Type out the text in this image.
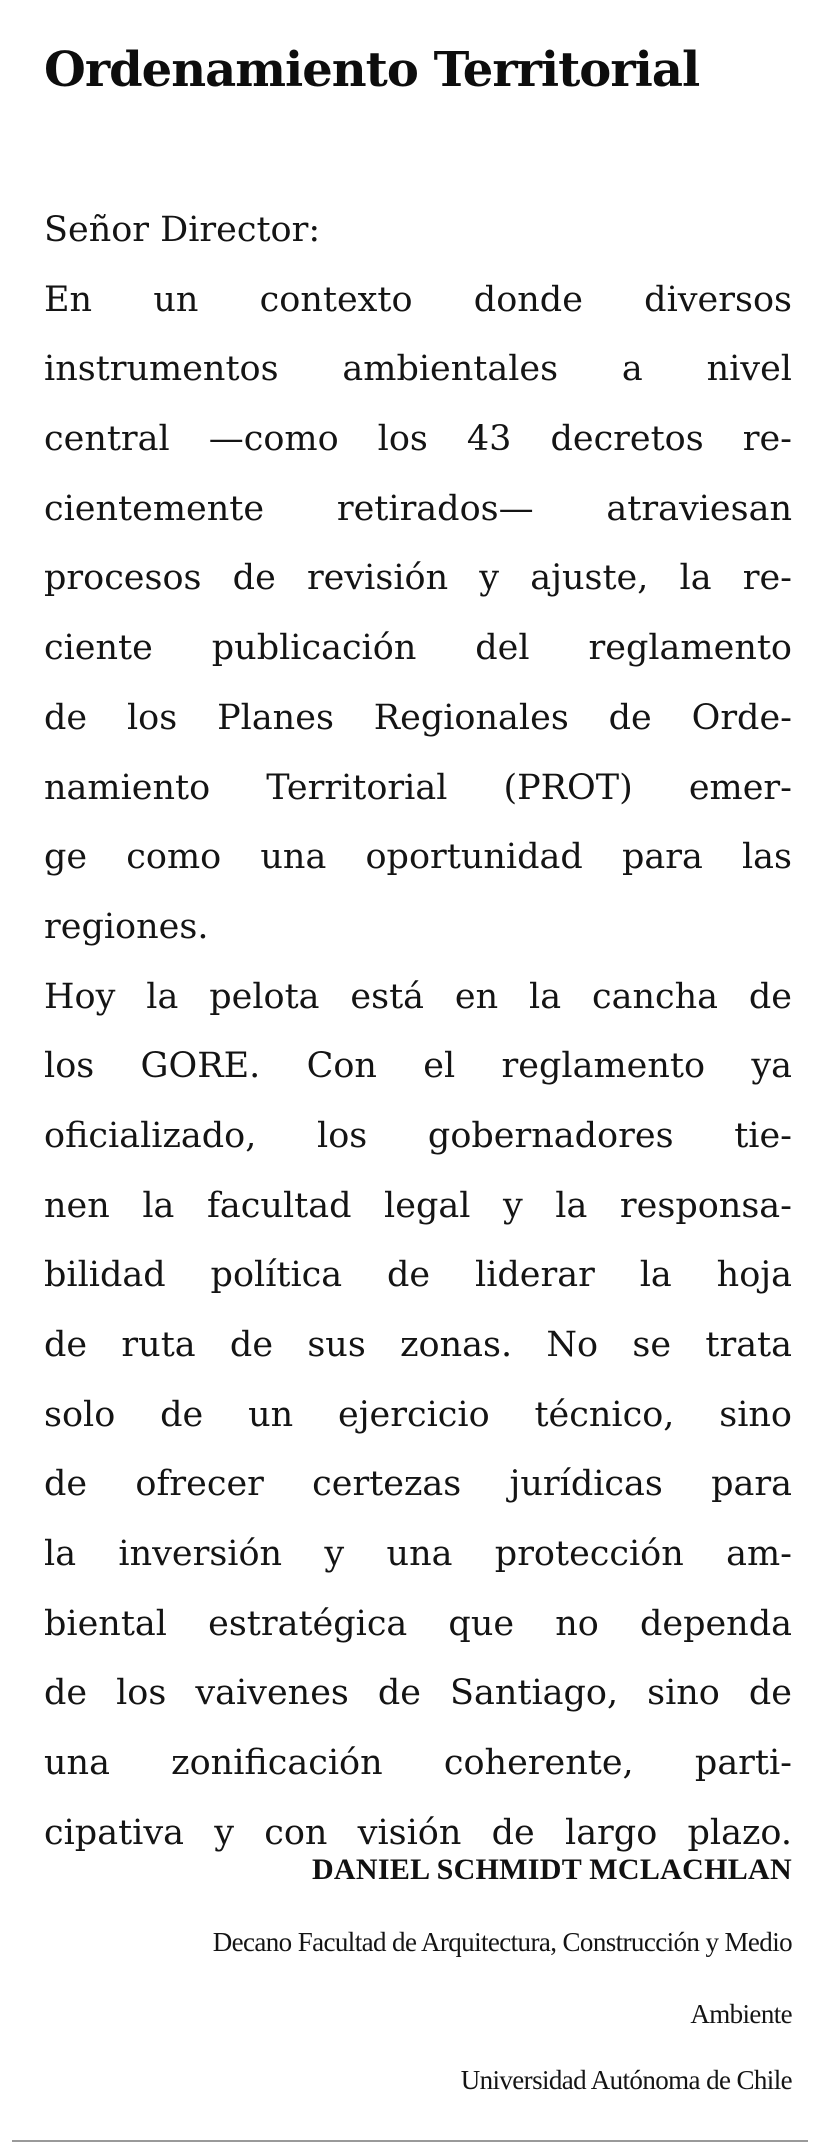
Ordenamiento Territorial
Señor Director:
En un contexto donde diversos
instrumentos ambientales a nivel
central —como los 43 decretos re-
cientemente retirados— atraviesan
procesos de revisión y ajuste, la re-
ciente publicación del reglamento
de los Planes Regionales de Orde-
namiento Territorial (PROT) emer-
ge como una oportunidad para las
regiones.
Hoy la pelota está en la cancha de
los GORE. Con el reglamento ya
oficializado, los gobernadores tie-
nen la facultad legal y la responsa-
bilidad política de liderar la hoja
de ruta de sus zonas. No se trata
solo de un ejercicio técnico, sino
de ofrecer certezas jurídicas para
la inversión y una protección am-
biental estratégica que no dependa
de los vaivenes de Santiago, sino de
una zonificación coherente, parti-
cipativa y con visión de largo plazo.
DANIEL SCHMIDT MCLACHLAN
Decano Facultad de Arquitectura, Construcción y Medio
Ambiente
Universidad Autónoma de Chile
